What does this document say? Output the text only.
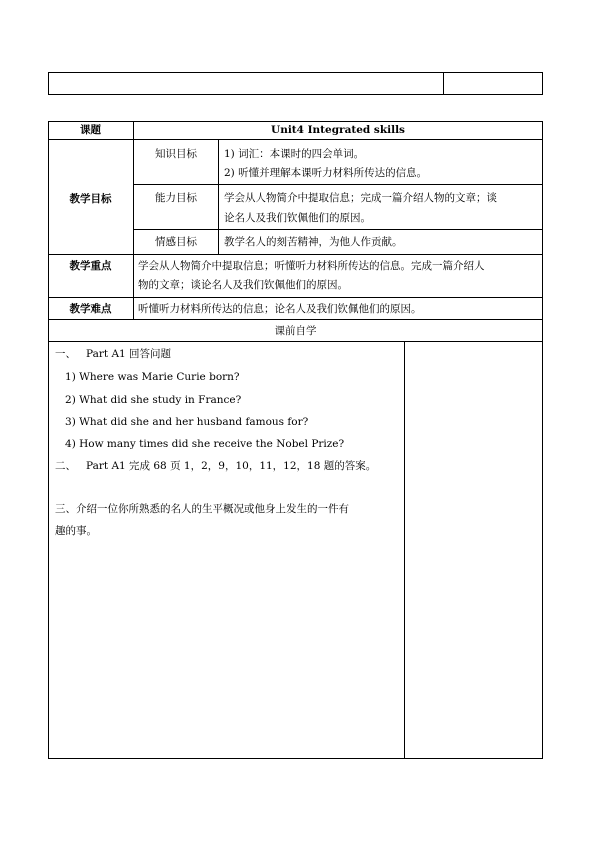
课题	Unit4 Integrated skills
教学目标
知识目标	1) 词汇：本课时的四会单词。
2) 听懂并理解本课听力材料所传达的信息。
能力目标	学会从人物简介中提取信息；完成一篇介绍人物的文章；谈
论名人及我们钦佩他们的原因。
情感目标	教学名人的刻苦精神，为他人作贡献。
教学重点	学会从人物简介中提取信息；听懂听力材料所传达的信息。完成一篇介绍人
物的文章；谈论名人及我们钦佩他们的原因。
教学难点	听懂听力材料所传达的信息；论名人及我们钦佩他们的原因。
课前自学
一、   Part A1 回答问题
1) Where was Marie Curie born?
2) What did she study in France?
3) What did she and her husband famous for?
4) How many times did she receive the Nobel Prize?
二、   Part A1 完成 68 页 1，2，9，10，11，12，18 题的答案。
三、介绍一位你所熟悉的名人的生平概况或他身上发生的一件有
趣的事。
